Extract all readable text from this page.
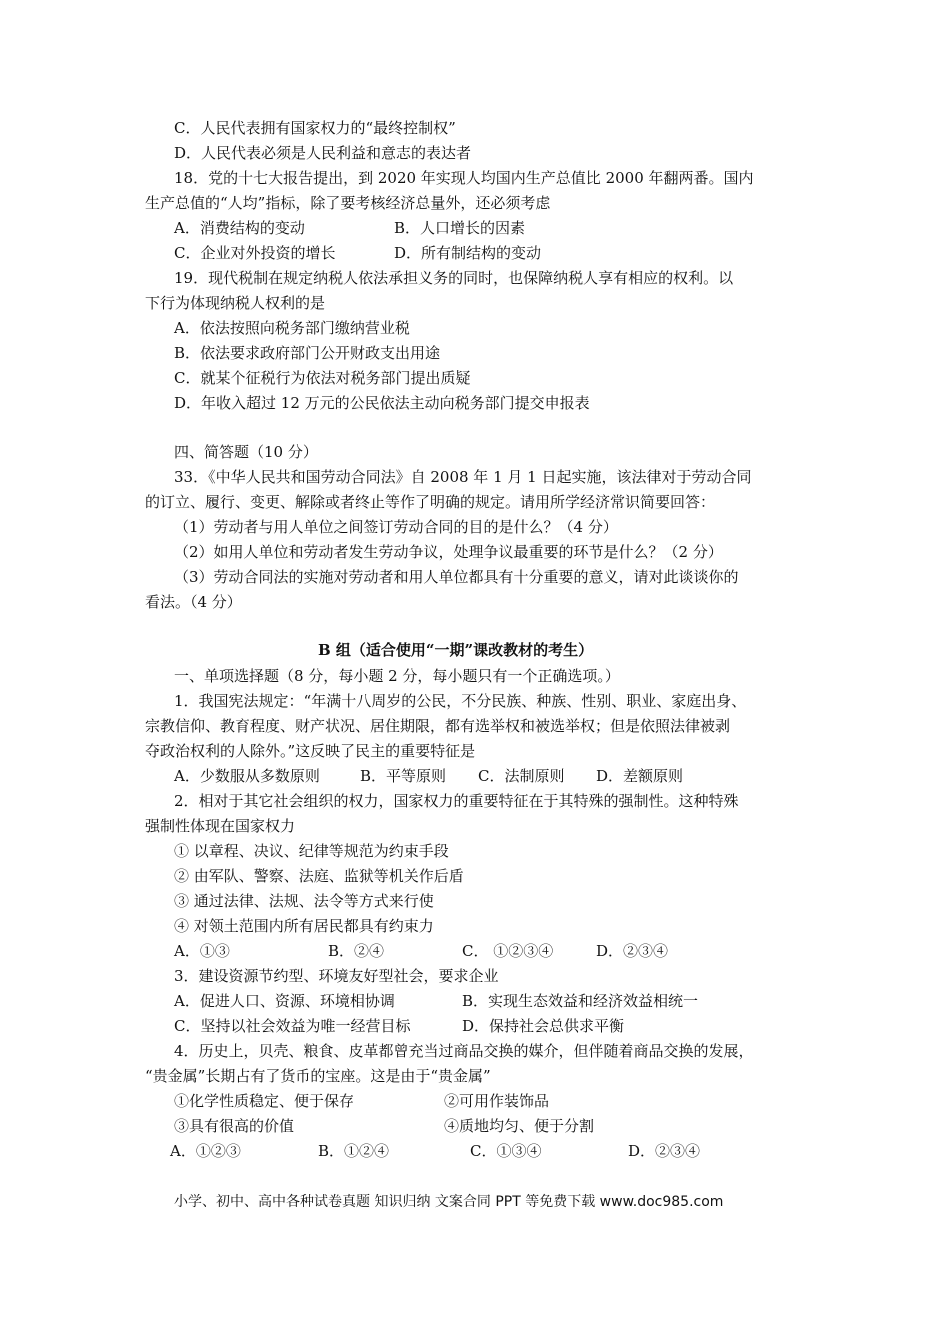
C．人民代表拥有国家权力的“最终控制权”
D．人民代表必须是人民利益和意志的表达者
18．党的十七大报告提出，到 2020 年实现人均国内生产总值比 2000 年翻两番。国内
生产总值的“人均”指标，除了要考核经济总量外，还必须考虑
A．消费结构的变动	B．人口增长的因素
C．企业对外投资的增长	D．所有制结构的变动
19．现代税制在规定纳税人依法承担义务的同时，也保障纳税人享有相应的权利。以
下行为体现纳税人权利的是
A．依法按照向税务部门缴纳营业税
B．依法要求政府部门公开财政支出用途
C．就某个征税行为依法对税务部门提出质疑
D．年收入超过 12 万元的公民依法主动向税务部门提交申报表
四、简答题（10 分）
33．《中华人民共和国劳动合同法》自 2008 年 1 月 1 日起实施，该法律对于劳动合同
的订立、履行、变更、解除或者终止等作了明确的规定。请用所学经济常识简要回答：
（1）劳动者与用人单位之间签订劳动合同的目的是什么？（4 分）
（2）如用人单位和劳动者发生劳动争议，处理争议最重要的环节是什么？（2 分）
（3）劳动合同法的实施对劳动者和用人单位都具有十分重要的意义，请对此谈谈你的
看法。（4 分）
B 组（适合使用“一期”课改教材的考生）
一、单项选择题（8 分，每小题 2 分，每小题只有一个正确选项。）
1．我国宪法规定：“年满十八周岁的公民，不分民族、种族、性别、职业、家庭出身、
宗教信仰、教育程度、财产状况、居住期限，都有选举权和被选举权；但是依照法律被剥
夺政治权利的人除外。”这反映了民主的重要特征是
A．少数服从多数原则	B．平等原则 C．法制原则 D．差额原则
2．相对于其它社会组织的权力，国家权力的重要特征在于其特殊的强制性。这种特殊
强制性体现在国家权力
① 以章程、决议、纪律等规范为约束手段
② 由军队、警察、法庭、监狱等机关作后盾
③ 通过法律、法规、法令等方式来行使
④ 对领土范围内所有居民都具有约束力
A．①③	B．②④	C． ①②③④	D．②③④
3．建设资源节约型、环境友好型社会，要求企业
A．促进人口、资源、环境相协调	B．实现生态效益和经济效益相统一
C．坚持以社会效益为唯一经营目标	D．保持社会总供求平衡
4．历史上，贝壳、粮食、皮革都曾充当过商品交换的媒介，但伴随着商品交换的发展，
“贵金属”长期占有了货币的宝座。这是由于“贵金属”
①化学性质稳定、便于保存	②可用作装饰品
③具有很高的价值	④质地均匀、便于分割
A．①②③	B．①②④	C．①③④	D．②③④
小学、初中、高中各种试卷真题 知识归纳 文案合同 PPT 等免费下载 www.doc985.com
